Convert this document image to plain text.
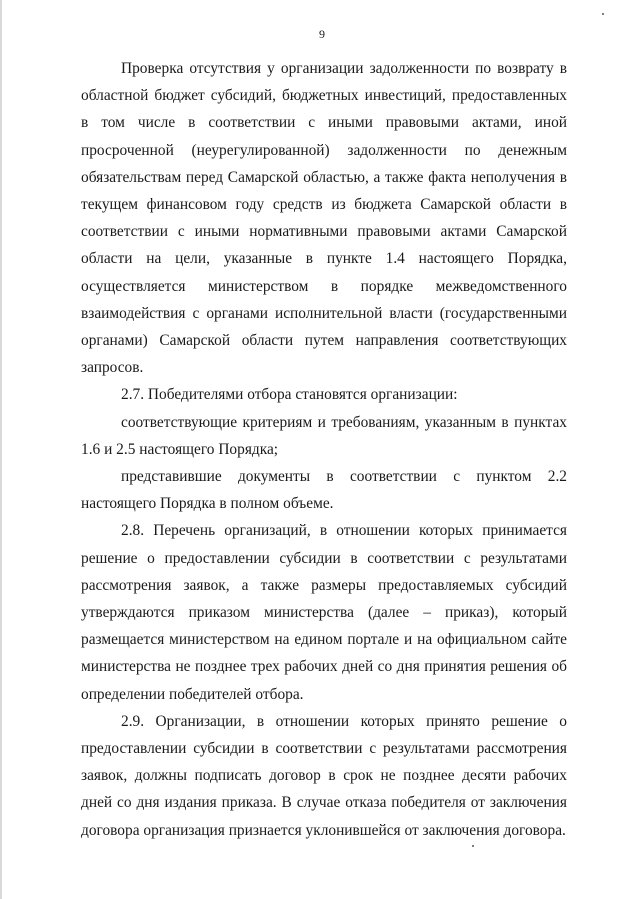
9

Проверка отсутствия у организации задолженности по возврату в областной бюджет субсидий, бюджетных инвестиций, предоставленных в том числе в соответствии с иными правовыми актами, иной просроченной (неурегулированной) задолженности по денежным обязательствам перед Самарской областью, а также факта неполучения в текущем финансовом году средств из бюджета Самарской области в соответствии с иными нормативными правовыми актами Самарской области на цели, указанные в пункте 1.4 настоящего Порядка, осуществляется министерством в порядке межведомственного взаимодействия с органами исполнительной власти (государственными органами) Самарской области путем направления соответствующих запросов.

2.7. Победителями отбора становятся организации:

соответствующие критериям и требованиям, указанным в пунктах 1.6 и 2.5 настоящего Порядка;

представившие документы в соответствии с пунктом 2.2 настоящего Порядка в полном объеме.

2.8. Перечень организаций, в отношении которых принимается решение о предоставлении субсидии в соответствии с результатами рассмотрения заявок, а также размеры предоставляемых субсидий утверждаются приказом министерства (далее – приказ), который размещается министерством на едином портале и на официальном сайте министерства не позднее трех рабочих дней со дня принятия решения об определении победителей отбора.

2.9. Организации, в отношении которых принято решение о предоставлении субсидии в соответствии с результатами рассмотрения заявок, должны подписать договор в срок не позднее десяти рабочих дней со дня издания приказа. В случае отказа победителя от заключения договора организация признается уклонившейся от заключения договора.
